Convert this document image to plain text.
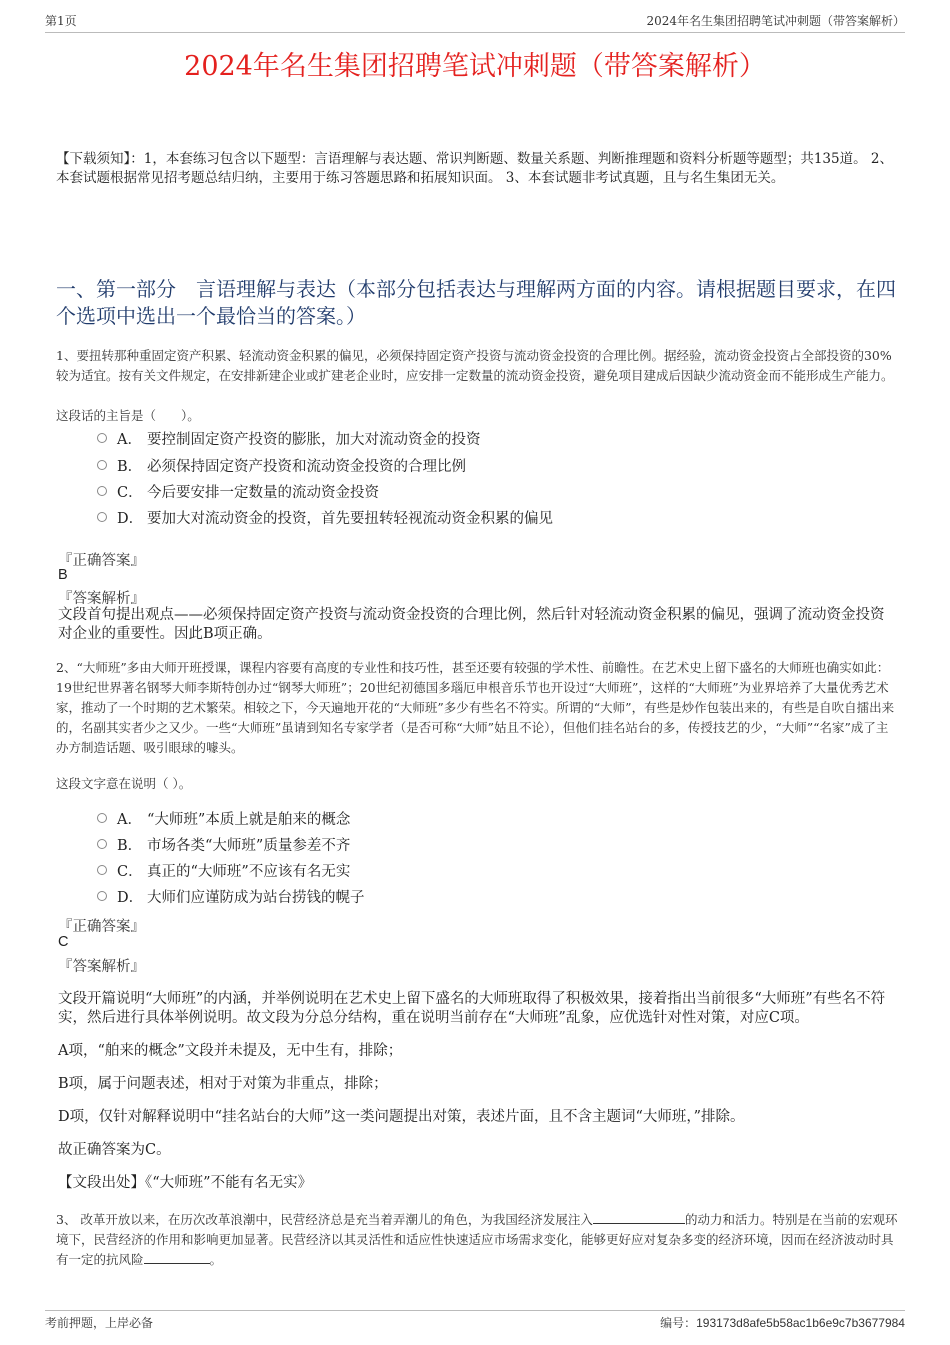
第1页	2024年名生集团招聘笔试冲刺题（带答案解析）
2024年名生集团招聘笔试冲刺题（带答案解析）
【下载须知】：1，本套练习包含以下题型：言语理解与表达题、常识判断题、数量关系题、判断推理题和资料分析题等题型；共135道。 2、本套试题根据常见招考题总结归纳，主要用于练习答题思路和拓展知识面。 3、本套试题非考试真题，且与名生集团无关。
一、第一部分　言语理解与表达（本部分包括表达与理解两方面的内容。请根据题目要求，在四个选项中选出一个最恰当的答案。）
1、要扭转那种重固定资产积累、轻流动资金积累的偏见，必须保持固定资产投资与流动资金投资的合理比例。据经验，流动资金投资占全部投资的30%较为适宜。按有关文件规定，在安排新建企业或扩建老企业时，应安排一定数量的流动资金投资，避免项目建成后因缺少流动资金而不能形成生产能力。
这段话的主旨是（　　）。
A． 要控制固定资产投资的膨胀，加大对流动资金的投资
B． 必须保持固定资产投资和流动资金投资的合理比例
C． 今后要安排一定数量的流动资金投资
D． 要加大对流动资金的投资，首先要扭转轻视流动资金积累的偏见
『正确答案』
B
『答案解析』
文段首句提出观点——必须保持固定资产投资与流动资金投资的合理比例，然后针对轻流动资金积累的偏见，强调了流动资金投资对企业的重要性。因此B项正确。
2、“大师班”多由大师开班授课，课程内容要有高度的专业性和技巧性，甚至还要有较强的学术性、前瞻性。在艺术史上留下盛名的大师班也确实如此：19世纪世界著名钢琴大师李斯特创办过“钢琴大师班”；20世纪初德国多瑙厄申根音乐节也开设过“大师班”，这样的“大师班”为业界培养了大量优秀艺术家，推动了一个时期的艺术繁荣。相较之下，今天遍地开花的“大师班”多少有些名不符实。所谓的“大师”，有些是炒作包装出来的，有些是自吹自擂出来的，名副其实者少之又少。一些“大师班”虽请到知名专家学者（是否可称“大师”姑且不论），但他们挂名站台的多，传授技艺的少，“大师”“名家”成了主办方制造话题、吸引眼球的噱头。
这段文字意在说明（ ）。
A． “大师班”本质上就是舶来的概念
B． 市场各类“大师班”质量参差不齐
C． 真正的“大师班”不应该有名无实
D． 大师们应谨防成为站台捞钱的幌子
『正确答案』
C
『答案解析』
文段开篇说明“大师班”的内涵，并举例说明在艺术史上留下盛名的大师班取得了积极效果，接着指出当前很多“大师班”有些名不符实，然后进行具体举例说明。故文段为分总分结构，重在说明当前存在“大师班”乱象，应优选针对性对策，对应C项。
A项，“舶来的概念”文段并未提及，无中生有，排除；
B项，属于问题表述，相对于对策为非重点，排除；
D项，仅针对解释说明中“挂名站台的大师”这一类问题提出对策，表述片面，且不含主题词“大师班，”排除。
故正确答案为C。
【文段出处】《“大师班”不能有名无实》
3、 改革开放以来，在历次改革浪潮中，民营经济总是充当着弄潮儿的角色，为我国经济发展注入	的动力和活力。特别是在当前的宏观环境下，民营经济的作用和影响更加显著。民营经济以其灵活性和适应性快速适应市场需求变化，能够更好应对复杂多变的经济环境，因而在经济波动时具有一定的抗风险	。
考前押题，上岸必备	编号：193173d8afe5b58ac1b6e9c7b3677984
